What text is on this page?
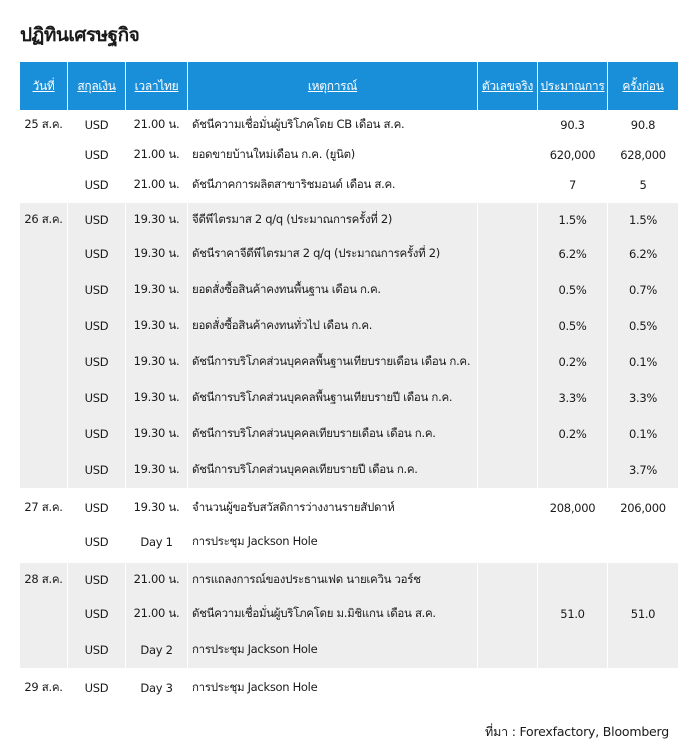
ปฏิทินเศรษฐกิจ
วันที่	สกุลเงิน	เวลาไทย	เหตุการณ์	ตัวเลขจริง	ประมาณการ	ครั้งก่อน
25 ส.ค.	USD	21.00 น.	ดัชนีความเชื่อมั่นผู้บริโภคโดย CB เดือน ส.ค.		90.3	90.8
	USD	21.00 น.	ยอดขายบ้านใหม่เดือน ก.ค. (ยูนิต)		620,000	628,000
	USD	21.00 น.	ดัชนีภาคการผลิตสาขาริชมอนด์ เดือน ส.ค.		7	5
26 ส.ค.	USD	19.30 น.	จีดีพีไตรมาส 2 q/q (ประมาณการครั้งที่ 2)		1.5%	1.5%
	USD	19.30 น.	ดัชนีราคาจีดีพีไตรมาส 2 q/q (ประมาณการครั้งที่ 2)		6.2%	6.2%
	USD	19.30 น.	ยอดสั่งซื้อสินค้าคงทนพื้นฐาน เดือน ก.ค.		0.5%	0.7%
	USD	19.30 น.	ยอดสั่งซื้อสินค้าคงทนทั่วไป เดือน ก.ค.		0.5%	0.5%
	USD	19.30 น.	ดัชนีการบริโภคส่วนบุคคลพื้นฐานเทียบรายเดือน เดือน ก.ค.		0.2%	0.1%
	USD	19.30 น.	ดัชนีการบริโภคส่วนบุคคลพื้นฐานเทียบรายปี เดือน ก.ค.		3.3%	3.3%
	USD	19.30 น.	ดัชนีการบริโภคส่วนบุคคลเทียบรายเดือน เดือน ก.ค.		0.2%	0.1%
	USD	19.30 น.	ดัชนีการบริโภคส่วนบุคคลเทียบรายปี เดือน ก.ค.			3.7%
27 ส.ค.	USD	19.30 น.	จำนวนผู้ขอรับสวัสดิการว่างงานรายสัปดาห์		208,000	206,000
	USD	Day 1	การประชุม Jackson Hole			
28 ส.ค.	USD	21.00 น.	การแถลงการณ์ของประธานเฟด นายเควิน วอร์ช			
	USD	21.00 น.	ดัชนีความเชื่อมั่นผู้บริโภคโดย ม.มิชิแกน เดือน ส.ค.		51.0	51.0
	USD	Day 2	การประชุม Jackson Hole			
29 ส.ค.	USD	Day 3	การประชุม Jackson Hole			
ที่มา : Forexfactory, Bloomberg
